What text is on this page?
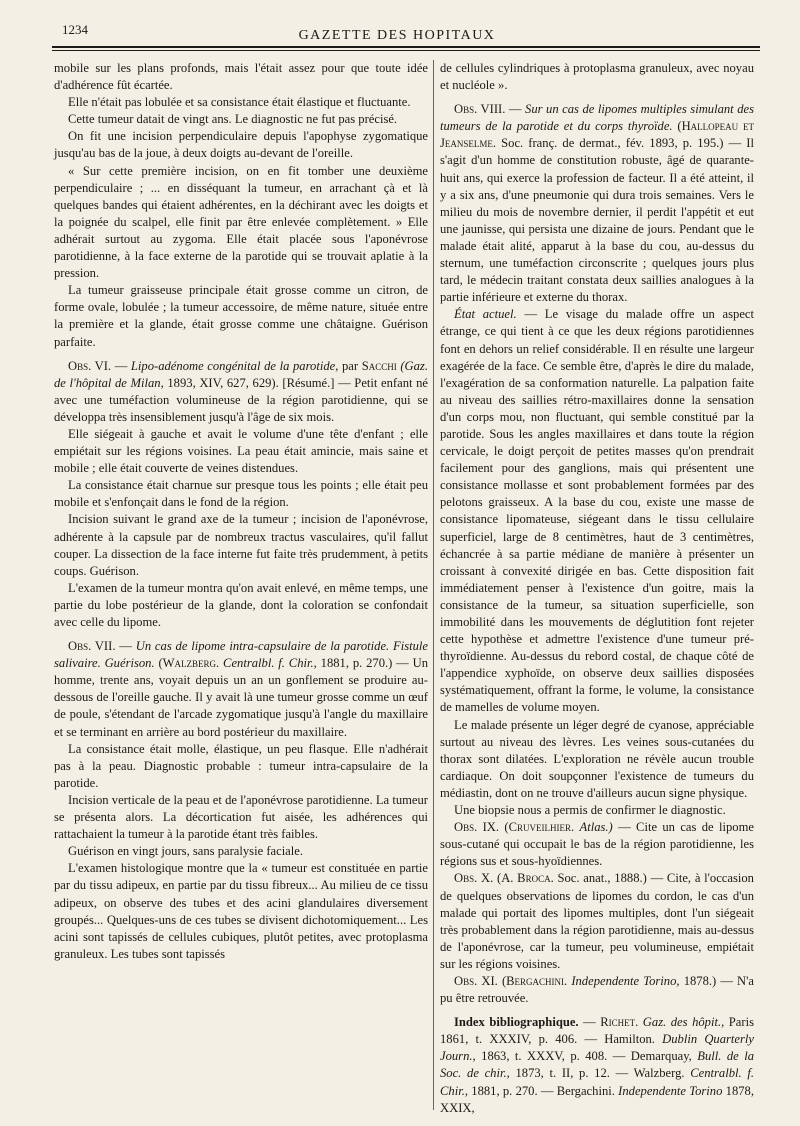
1234	GAZETTE DES HOPITAUX

mobile sur les plans profonds, mais l'était assez pour que toute idée d'adhérence fût écartée.

Elle n'était pas lobulée et sa consistance était élastique et fluctuante.

Cette tumeur datait de vingt ans. Le diagnostic ne fut pas précisé.

On fit une incision perpendiculaire depuis l'apophyse zygomatique jusqu'au bas de la joue, à deux doigts au-devant de l'oreille.

« Sur cette première incision, on en fit tomber une deuxième perpendiculaire ; ... en disséquant la tumeur, en arrachant çà et là quelques bandes qui étaient adhérentes, en la déchirant avec les doigts et la poignée du scalpel, elle finit par être enlevée complètement. » Elle adhérait surtout au zygoma. Elle était placée sous l'aponévrose parotidienne, à la face externe de la parotide qui se trouvait aplatie à la pression.

La tumeur graisseuse principale était grosse comme un citron, de forme ovale, lobulée ; la tumeur accessoire, de même nature, située entre la première et la glande, était grosse comme une châtaigne. Guérison parfaite.

Obs. VI. — Lipo-adénome congénital de la parotide, par Sacchi (Gaz. de l'hôpital de Milan, 1893, XIV, 627, 629). [Résumé.] — Petit enfant né avec une tuméfaction volumineuse de la région parotidienne, qui se développa très insensiblement jusqu'à l'âge de six mois.

Elle siégeait à gauche et avait le volume d'une tête d'enfant ; elle empiétait sur les régions voisines. La peau était amincie, mais saine et mobile ; elle était couverte de veines distendues.

La consistance était charnue sur presque tous les points ; elle était peu mobile et s'enfonçait dans le fond de la région.

Incision suivant le grand axe de la tumeur ; incision de l'aponévrose, adhérente à la capsule par de nombreux tractus vasculaires, qu'il fallut couper. La dissection de la face interne fut faite très prudemment, à petits coups. Guérison.

L'examen de la tumeur montra qu'on avait enlevé, en même temps, une partie du lobe postérieur de la glande, dont la coloration se confondait avec celle du lipome.

Obs. VII. — Un cas de lipome intra-capsulaire de la parotide. Fistule salivaire. Guérison. (Walzberg. Centralbl. f. Chir., 1881, p. 270.) — Un homme, trente ans, voyait depuis un an un gonflement se produire au-dessous de l'oreille gauche. Il y avait là une tumeur grosse comme un œuf de poule, s'étendant de l'arcade zygomatique jusqu'à l'angle du maxillaire et se terminant en arrière au bord postérieur du maxillaire.

La consistance était molle, élastique, un peu flasque. Elle n'adhérait pas à la peau. Diagnostic probable : tumeur intra-capsulaire de la parotide.

Incision verticale de la peau et de l'aponévrose parotidienne. La tumeur se présenta alors. La décortication fut aisée, les adhérences qui rattachaient la tumeur à la parotide étant très faibles.

Guérison en vingt jours, sans paralysie faciale.

L'examen histologique montre que la « tumeur est constituée en partie par du tissu adipeux, en partie par du tissu fibreux... Au milieu de ce tissu adipeux, on observe des tubes et des acini glandulaires diversement groupés... Quelques-uns de ces tubes se divisent dichotomiquement... Les acini sont tapissés de cellules cubiques, plutôt petites, avec protoplasma granuleux. Les tubes sont tapissés

de cellules cylindriques à protoplasma granuleux, avec noyau et nucléole ».

Obs. VIII. — Sur un cas de lipomes multiples simulant des tumeurs de la parotide et du corps thyroïde. (Hallopeau et Jeanselme. Soc. franç. de dermat., fév. 1893, p. 195.) — Il s'agit d'un homme de constitution robuste, âgé de quarante-huit ans, qui exerce la profession de facteur. Il a été atteint, il y a six ans, d'une pneumonie qui dura trois semaines. Vers le milieu du mois de novembre dernier, il perdit l'appétit et eut une jaunisse, qui persista une dizaine de jours. Pendant que le malade était alité, apparut à la base du cou, au-dessus du sternum, une tuméfaction circonscrite ; quelques jours plus tard, le médecin traitant constata deux saillies analogues à la partie inférieure et externe du thorax.

État actuel. — Le visage du malade offre un aspect étrange, ce qui tient à ce que les deux régions parotidiennes font en dehors un relief considérable. Il en résulte une largeur exagérée de la face. Ce semble être, d'après le dire du malade, l'exagération de sa conformation naturelle. La palpation faite au niveau des saillies rétro-maxillaires donne la sensation d'un corps mou, non fluctuant, qui semble constitué par la parotide. Sous les angles maxillaires et dans toute la région cervicale, le doigt perçoit de petites masses qu'on prendrait facilement pour des ganglions, mais qui présentent une consistance mollasse et sont probablement formées par des pelotons graisseux. A la base du cou, existe une masse de consistance lipomateuse, siégeant dans le tissu cellulaire superficiel, large de 8 centimètres, haut de 3 centimètres, échancrée à sa partie médiane de manière à présenter un croissant à convexité dirigée en bas. Cette disposition fait immédiatement penser à l'existence d'un goitre, mais la consistance de la tumeur, sa situation superficielle, son immobilité dans les mouvements de déglutition font rejeter cette hypothèse et admettre l'existence d'une tumeur pré-thyroïdienne. Au-dessus du rebord costal, de chaque côté de l'appendice xyphoïde, on observe deux saillies disposées systématiquement, offrant la forme, le volume, la consistance de mamelles de volume moyen.

Le malade présente un léger degré de cyanose, appréciable surtout au niveau des lèvres. Les veines sous-cutanées du thorax sont dilatées. L'exploration ne révèle aucun trouble cardiaque. On doit soupçonner l'existence de tumeurs du médiastin, dont on ne trouve d'ailleurs aucun signe physique.

Une biopsie nous a permis de confirmer le diagnostic.

Obs. IX. (Cruveilhier. Atlas.) — Cite un cas de lipome sous-cutané qui occupait le bas de la région parotidienne, les régions sus et sous-hyoïdiennes.

Obs. X. (A. Broca. Soc. anat., 1888.) — Cite, à l'occasion de quelques observations de lipomes du cordon, le cas d'un malade qui portait des lipomes multiples, dont l'un siégeait très probablement dans la région parotidienne, mais au-dessus de l'aponévrose, car la tumeur, peu volumineuse, empiétait sur les régions voisines.

Obs. XI. (Bergachini. Independente Torino, 1878.) — N'a pu être retrouvée.

Index bibliographique. — Richet. Gaz. des hôpit., Paris 1861, t. XXXIV, p. 406. — Hamilton. Dublin Quarterly Journ., 1863, t. XXXV, p. 408. — Demarquay, Bull. de la Soc. de chir., 1873, t. II, p. 12. — Walzberg. Centralbl. f. Chir., 1881, p. 270. — Bergachini. Independente Torino 1878, XXIX,
